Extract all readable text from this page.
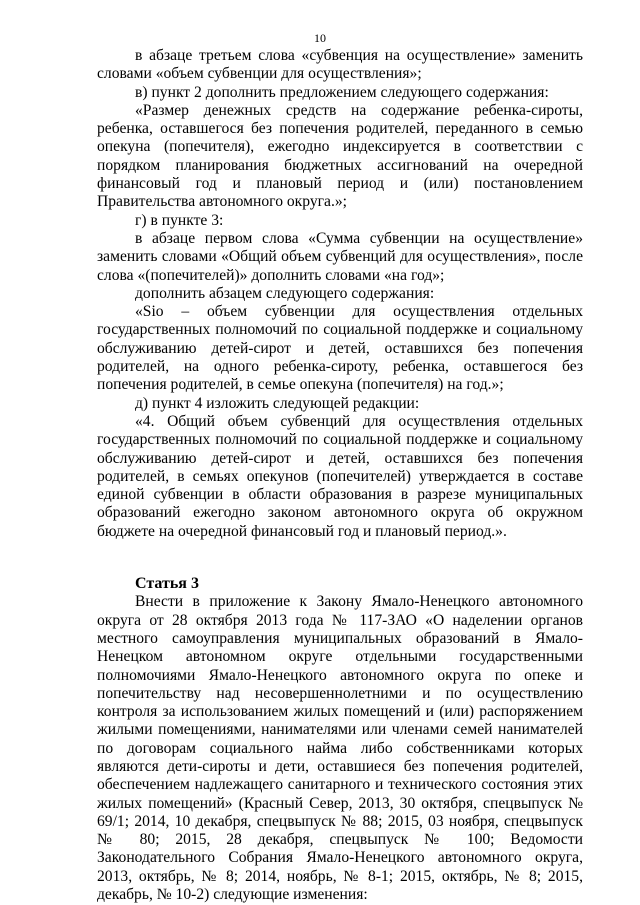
10

в абзаце третьем слова «субвенция на осуществление» заменить словами «объем субвенции для осуществления»;

в) пункт 2 дополнить предложением следующего содержания:

«Размер денежных средств на содержание ребенка-сироты, ребенка, оставшегося без попечения родителей, переданного в семью опекуна (попечителя), ежегодно индексируется в соответствии с порядком планирования бюджетных ассигнований на очередной финансовый год и плановый период и (или) постановлением Правительства автономного округа.»;

г) в пункте 3:

в абзаце первом слова «Сумма субвенции на осуществление» заменить словами «Общий объем субвенций для осуществления», после слова «(попечителей)» дополнить словами «на год»;

дополнить абзацем следующего содержания:

«Sio – объем субвенции для осуществления отдельных государственных полномочий по социальной поддержке и социальному обслуживанию детей-сирот и детей, оставшихся без попечения родителей, на одного ребенка-сироту, ребенка, оставшегося без попечения родителей, в семье опекуна (попечителя) на год.»;

д) пункт 4 изложить следующей редакции:

«4. Общий объем субвенций для осуществления отдельных государственных полномочий по социальной поддержке и социальному обслуживанию детей-сирот и детей, оставшихся без попечения родителей, в семьях опекунов (попечителей) утверждается в составе единой субвенции в области образования в разрезе муниципальных образований ежегодно законом автономного округа об окружном бюджете на очередной финансовый год и плановый период.».

Статья 3

Внести в приложение к Закону Ямало-Ненецкого автономного округа от 28 октября 2013 года № 117-ЗАО «О наделении органов местного самоуправления муниципальных образований в Ямало-Ненецком автономном округе отдельными государственными полномочиями Ямало-Ненецкого автономного округа по опеке и попечительству над несовершеннолетними и по осуществлению контроля за использованием жилых помещений и (или) распоряжением жилыми помещениями, нанимателями или членами семей нанимателей по договорам социального найма либо собственниками которых являются дети-сироты и дети, оставшиеся без попечения родителей, обеспечением надлежащего санитарного и технического состояния этих жилых помещений» (Красный Север, 2013, 30 октября, спецвыпуск № 69/1; 2014, 10 декабря, спецвыпуск № 88; 2015, 03 ноября, спецвыпуск № 80; 2015, 28 декабря, спецвыпуск № 100; Ведомости Законодательного Собрания Ямало-Ненецкого автономного округа, 2013, октябрь, № 8; 2014, ноябрь, № 8-1; 2015, октябрь, № 8; 2015, декабрь, № 10-2) следующие изменения:
